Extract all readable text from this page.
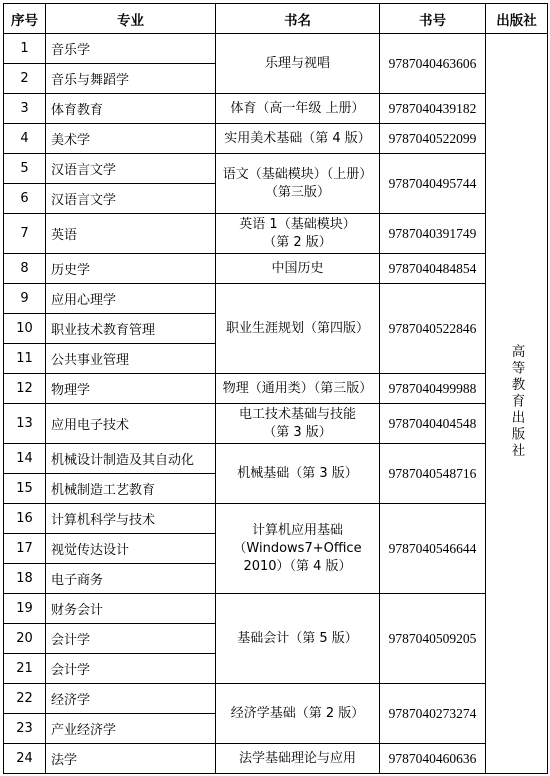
序号	专业	书名	书号	出版社
1	音乐学	乐理与视唱	9787040463606	高等教育出版社
2	音乐与舞蹈学			
3	体育教育	体育（高一年级 上册）	9787040439182	
4	美术学	实用美术基础（第 4 版）	9787040522099	
5	汉语言文学	语文（基础模块）（上册）
（第三版）	9787040495744	
6	汉语言文学			
7	英语	英语 1（基础模块）
（第 2 版）	9787040391749	
8	历史学	中国历史	9787040484854	
9	应用心理学	职业生涯规划（第四版）	9787040522846	
10	职业技术教育管理			
11	公共事业管理			
12	物理学	物理（通用类）（第三版）	9787040499988	
13	应用电子技术	电工技术基础与技能
（第 3 版）	9787040404548	
14	机械设计制造及其自动化	机械基础（第 3 版）	9787040548716	
15	机械制造工艺教育			
16	计算机科学与技术	计算机应用基础
（Windows7+Office
2010）（第 4 版）	9787040546644	
17	视觉传达设计			
18	电子商务			
19	财务会计	基础会计（第 5 版）	9787040509205	
20	会计学			
21	会计学			
22	经济学	经济学基础（第 2 版）	9787040273274	
23	产业经济学			
24	法学	法学基础理论与应用	9787040460636	
